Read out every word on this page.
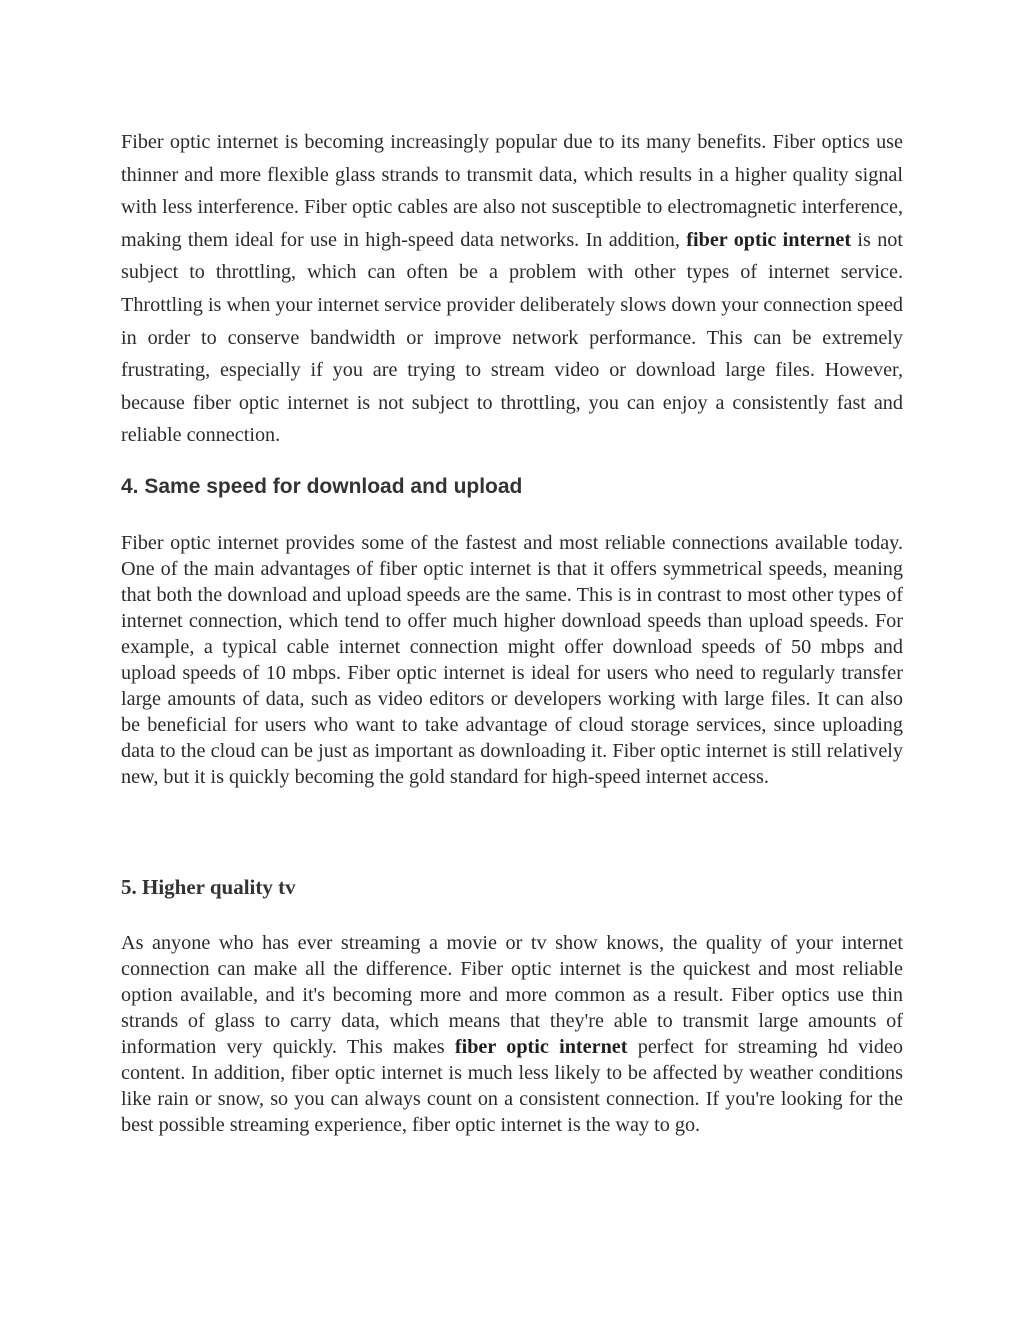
Fiber optic internet is becoming increasingly popular due to its many benefits. Fiber optics use thinner and more flexible glass strands to transmit data, which results in a higher quality signal with less interference. Fiber optic cables are also not susceptible to electromagnetic interference, making them ideal for use in high-speed data networks. In addition, fiber optic internet is not subject to throttling, which can often be a problem with other types of internet service. Throttling is when your internet service provider deliberately slows down your connection speed in order to conserve bandwidth or improve network performance. This can be extremely frustrating, especially if you are trying to stream video or download large files. However, because fiber optic internet is not subject to throttling, you can enjoy a consistently fast and reliable connection.

4. Same speed for download and upload

Fiber optic internet provides some of the fastest and most reliable connections available today. One of the main advantages of fiber optic internet is that it offers symmetrical speeds, meaning that both the download and upload speeds are the same. This is in contrast to most other types of internet connection, which tend to offer much higher download speeds than upload speeds. For example, a typical cable internet connection might offer download speeds of 50 mbps and upload speeds of 10 mbps. Fiber optic internet is ideal for users who need to regularly transfer large amounts of data, such as video editors or developers working with large files. It can also be beneficial for users who want to take advantage of cloud storage services, since uploading data to the cloud can be just as important as downloading it. Fiber optic internet is still relatively new, but it is quickly becoming the gold standard for high-speed internet access.

5. Higher quality tv

As anyone who has ever streaming a movie or tv show knows, the quality of your internet connection can make all the difference. Fiber optic internet is the quickest and most reliable option available, and it's becoming more and more common as a result. Fiber optics use thin strands of glass to carry data, which means that they're able to transmit large amounts of information very quickly. This makes fiber optic internet perfect for streaming hd video content. In addition, fiber optic internet is much less likely to be affected by weather conditions like rain or snow, so you can always count on a consistent connection. If you're looking for the best possible streaming experience, fiber optic internet is the way to go.
